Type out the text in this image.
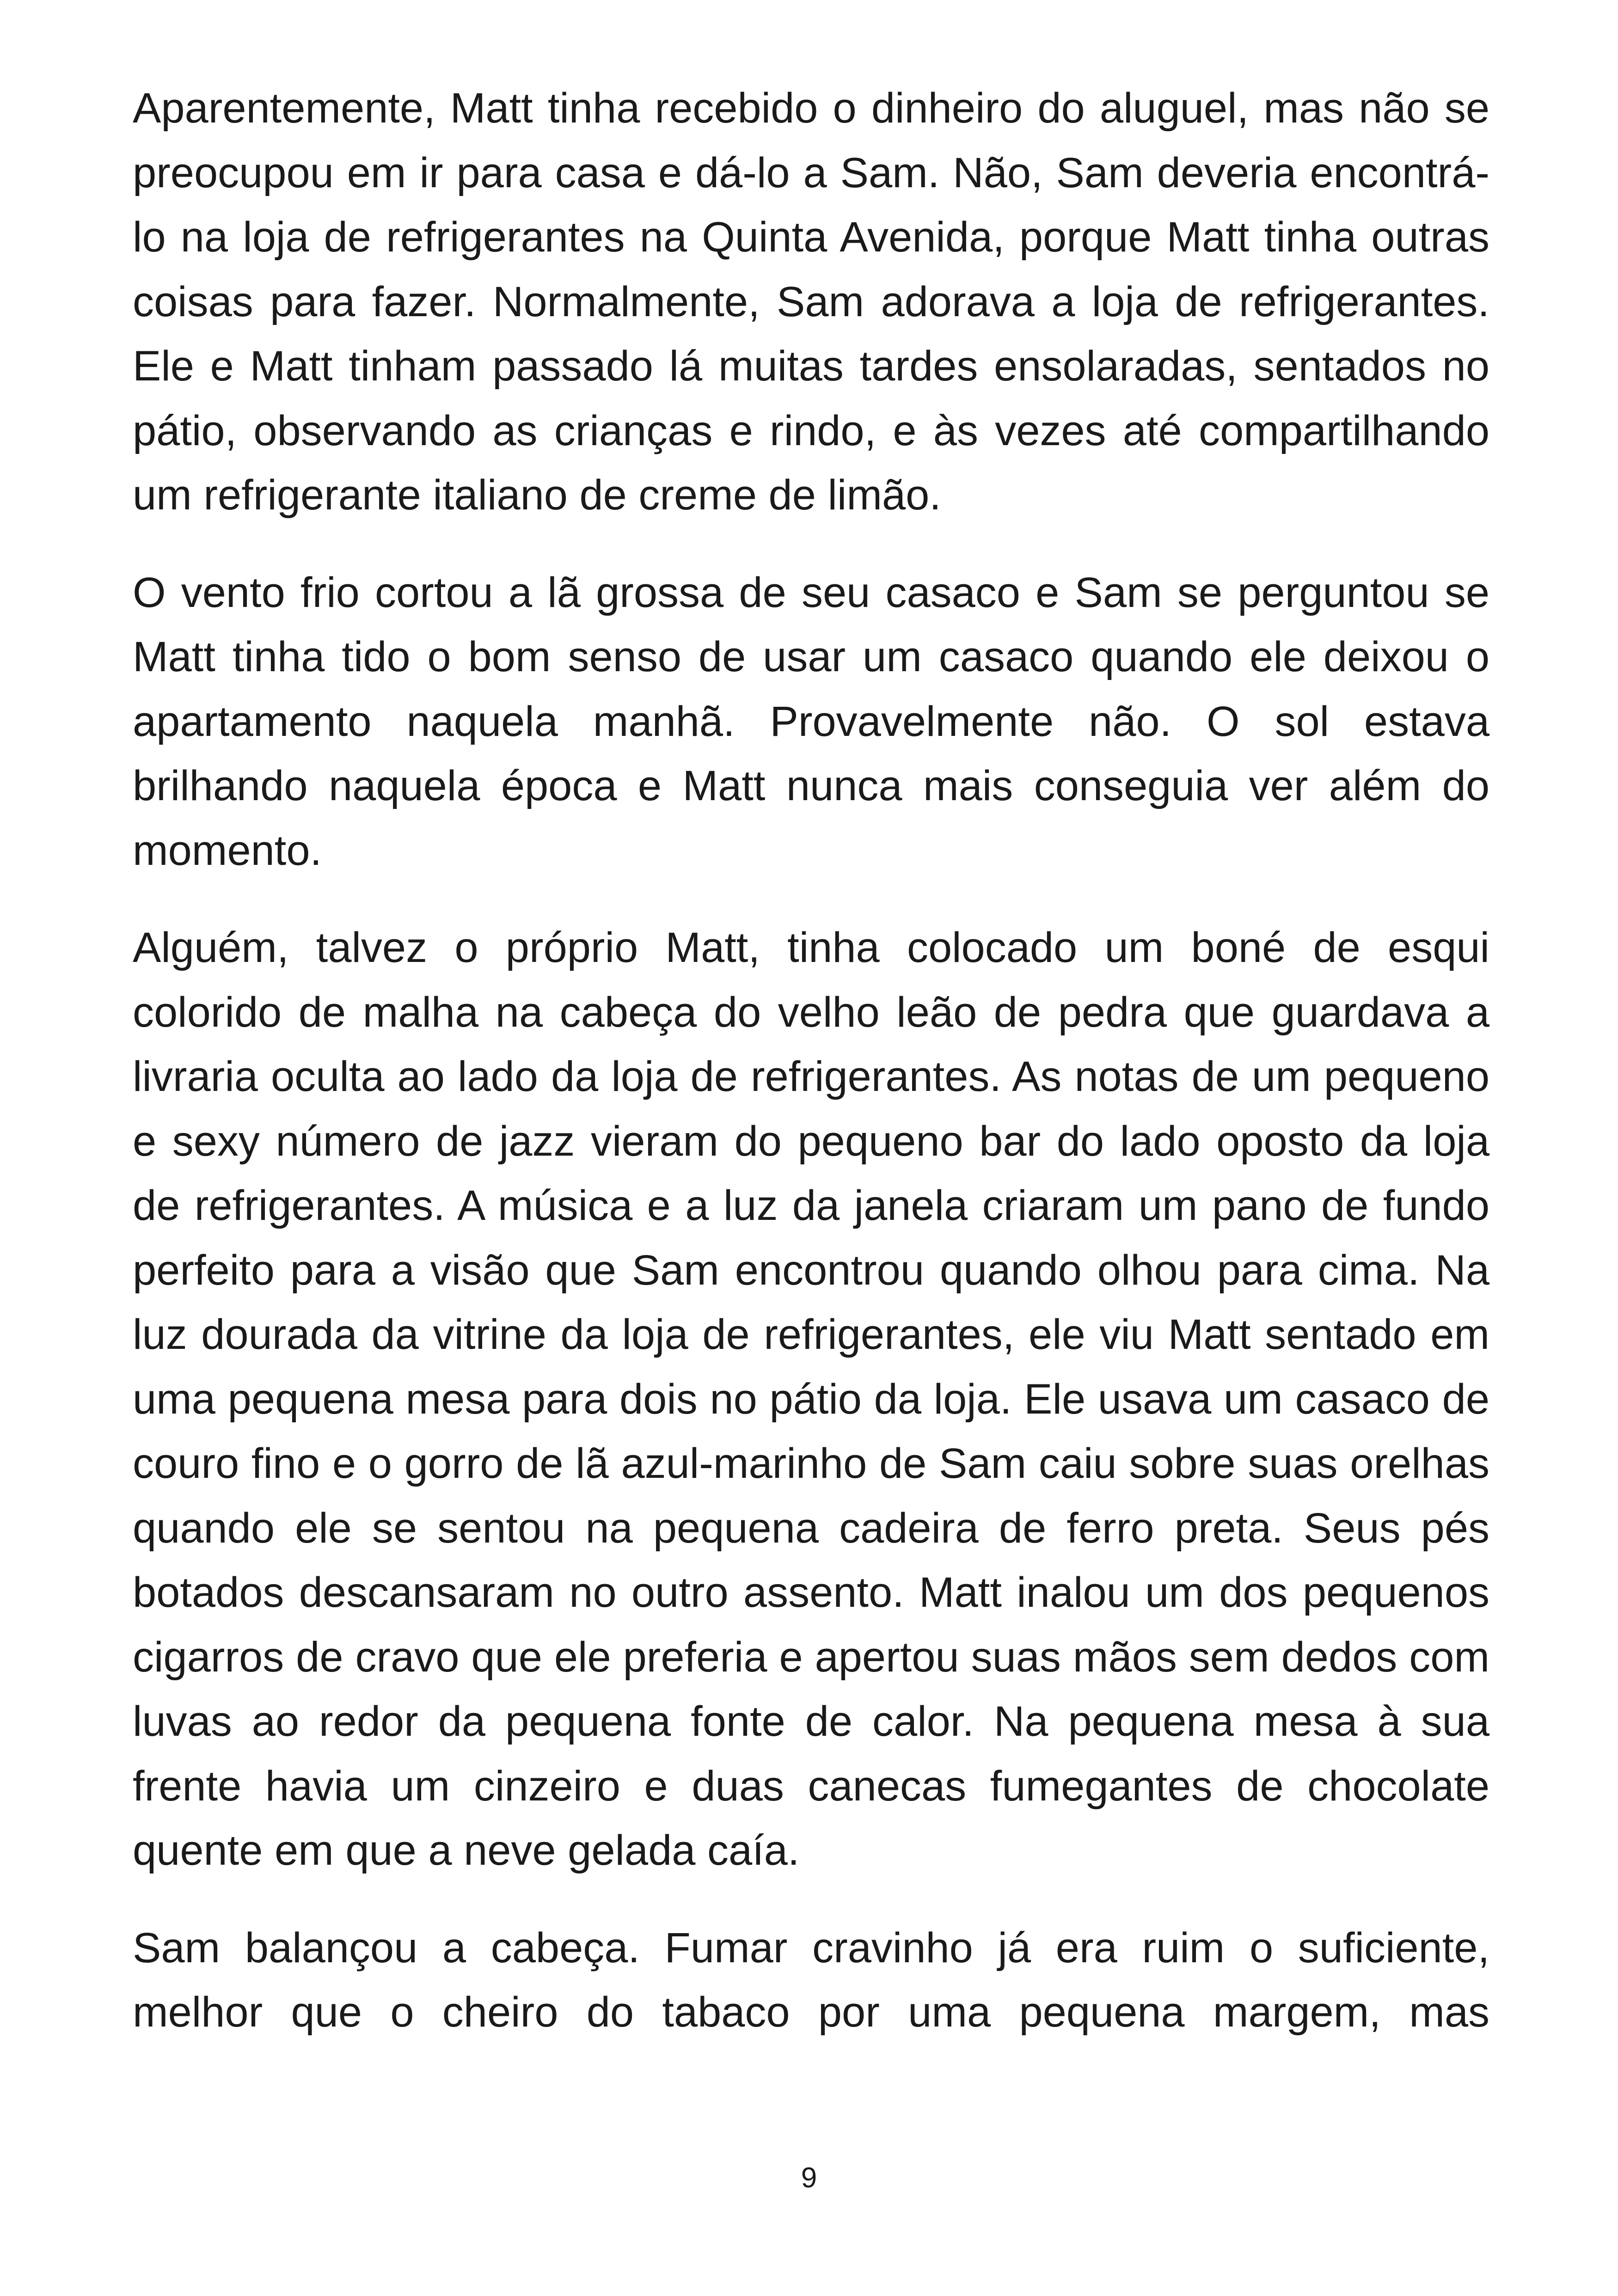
Aparentemente, Matt tinha recebido o dinheiro do aluguel, mas não se preocupou em ir para casa e dá-lo a Sam. Não, Sam deveria encontrá-lo na loja de refrigerantes na Quinta Avenida, porque Matt tinha outras coisas para fazer. Normalmente, Sam adorava a loja de refrigerantes. Ele e Matt tinham passado lá muitas tardes ensolaradas, sentados no pátio, observando as crianças e rindo, e às vezes até compartilhando um refrigerante italiano de creme de limão.

O vento frio cortou a lã grossa de seu casaco e Sam se perguntou se Matt tinha tido o bom senso de usar um casaco quando ele deixou o apartamento naquela manhã. Provavelmente não. O sol estava brilhando naquela época e Matt nunca mais conseguia ver além do momento.

Alguém, talvez o próprio Matt, tinha colocado um boné de esqui colorido de malha na cabeça do velho leão de pedra que guardava a livraria oculta ao lado da loja de refrigerantes. As notas de um pequeno e sexy número de jazz vieram do pequeno bar do lado oposto da loja de refrigerantes. A música e a luz da janela criaram um pano de fundo perfeito para a visão que Sam encontrou quando olhou para cima. Na luz dourada da vitrine da loja de refrigerantes, ele viu Matt sentado em uma pequena mesa para dois no pátio da loja. Ele usava um casaco de couro fino e o gorro de lã azul-marinho de Sam caiu sobre suas orelhas quando ele se sentou na pequena cadeira de ferro preta. Seus pés botados descansaram no outro assento. Matt inalou um dos pequenos cigarros de cravo que ele preferia e apertou suas mãos sem dedos com luvas ao redor da pequena fonte de calor. Na pequena mesa à sua frente havia um cinzeiro e duas canecas fumegantes de chocolate quente em que a neve gelada caía.

Sam balançou a cabeça. Fumar cravinho já era ruim o suficiente, melhor que o cheiro do tabaco por uma pequena margem, mas

9
